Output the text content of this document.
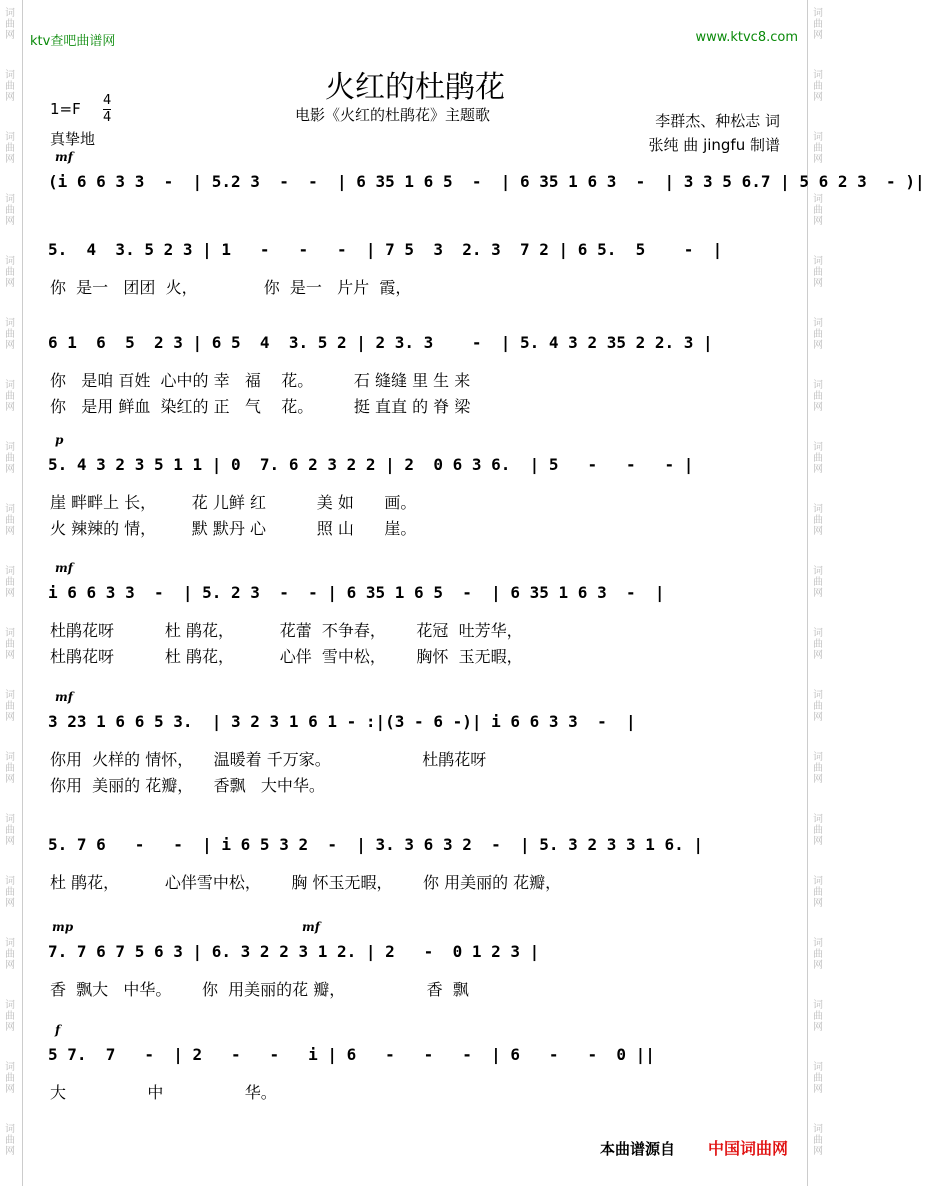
词
曲
网
词
曲
网
词
曲
网
词
曲
网
词
曲
网
词
曲
网
词
曲
网
词
曲
网
词
曲
网
词
曲
网
词
曲
网
词
曲
网
词
曲
网
词
曲
网
词
曲
网
词
曲
网
词
曲
网
词
曲
网
词
曲
网
词
曲
网
词
曲
网
词
曲
网
词
曲
网
词
曲
网
词
曲
网
词
曲
网
词
曲
网
词
曲
网
词
曲
网
词
曲
网
词
曲
网
词
曲
网
词
曲
网
词
曲
网
词
曲
网
词
曲
网
词
曲
网
词
曲
网
ktv查吧曲谱网	www.ktvc8.com
火红的杜鹃花
电影《火红的杜鹃花》主题歌
1=F 4
4
真挚地
李群杰、种松志 词
张纯 曲 jingfu 制谱
(i 6 6 3 3  -  | 5.2 3  -  -  | 6 35 1 6 5  -  | 6 35 1 6 3  -  | 3 3 5 6.7 | 5 6 2 3  - )|
mf
5.  4  3. 5 2 3 | 1   -   -   -  | 7 5  3  2. 3  7 2 | 6 5.  5    -  |
你  是一   团团  火，             你  是一   片片  霞，
6 1  6  5  2 3 | 6 5  4  3. 5 2 | 2 3. 3    -  | 5. 4 3 2 35 2 2. 3 |
你   是咱 百姓  心中的 幸   福    花。        石 缝缝 里 生 来
你   是用 鲜血  染红的 正   气    花。        挺 直直 的 脊 梁
5. 4 3 2 3 5 1 1 | 0  7. 6 2 3 2 2 | 2  0 6 3 6.  | 5   -   -   - |
p
崖 畔畔上 长，       花 儿鲜 红          美 如      画。
火 辣辣的 情，       默 默丹 心          照 山      崖。
i 6 6 3 3  -  | 5. 2 3  -  - | 6 35 1 6 5  -  | 6 35 1 6 3  -  |
mf
杜鹃花呀          杜 鹃花，         花蕾  不争春，      花冠  吐芳华，
杜鹃花呀          杜 鹃花，         心伴  雪中松，      胸怀  玉无暇，
3 23 1 6 6 5 3.  | 3 2 3 1 6 1 - :|(3 - 6 -)| i 6 6 3 3  -  |
mf
你用  火样的 情怀，    温暖着 千万家。                  杜鹃花呀
你用  美丽的 花瓣，    香飘   大中华。
5. 7 6   -   -  | i 6 5 3 2  -  | 3. 3 6 3 2  -  | 5. 3 2 3 3 1 6. |
杜 鹃花，         心伴雪中松，      胸 怀玉无暇，      你 用美丽的 花瓣，
7. 7 6 7 5 6 3 | 6. 3 2 2 3 1 2. | 2   -  0 1 2 3 |
mp	mf
香  飘大   中华。      你  用美丽的花 瓣，                香  飘
5 7.  7   -  | 2   -   -   i | 6   -   -   -  | 6   -   -  0 ||
f
大                中                华。
本曲谱源自 中国词曲网
